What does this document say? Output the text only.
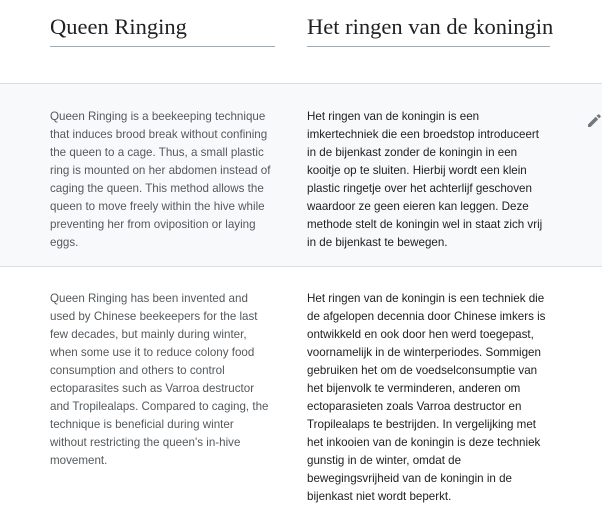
Queen Ringing	Het ringen van de koningin
Queen Ringing is a beekeeping technique that induces brood break without confining the queen to a cage. Thus, a small plastic ring is mounted on her abdomen instead of caging the queen. This method allows the queen to move freely within the hive while preventing her from oviposition or laying eggs.
Het ringen van de koningin is een imkertechniek die een broedstop introduceert in de bijenkast zonder de koningin in een kooitje op te sluiten. Hierbij wordt een klein plastic ringetje over het achterlijf geschoven waardoor ze geen eieren kan leggen. Deze methode stelt de koningin wel in staat zich vrij in de bijenkast te bewegen.
Queen Ringing has been invented and used by Chinese beekeepers for the last few decades, but mainly during winter, when some use it to reduce colony food consumption and others to control ectoparasites such as Varroa destructor and Tropilealaps. Compared to caging, the technique is beneficial during winter without restricting the queen's in-hive movement.
Het ringen van de koningin is een techniek die de afgelopen decennia door Chinese imkers is ontwikkeld en ook door hen werd toegepast, voornamelijk in de winterperiodes. Sommigen gebruiken het om de voedselconsumptie van het bijenvolk te verminderen, anderen om ectoparasieten zoals Varroa destructor en Tropilealaps te bestrijden. In vergelijking met het inkooien van de koningin is deze techniek gunstig in de winter, omdat de bewegingsvrijheid van de koningin in de bijenkast niet wordt beperkt.
